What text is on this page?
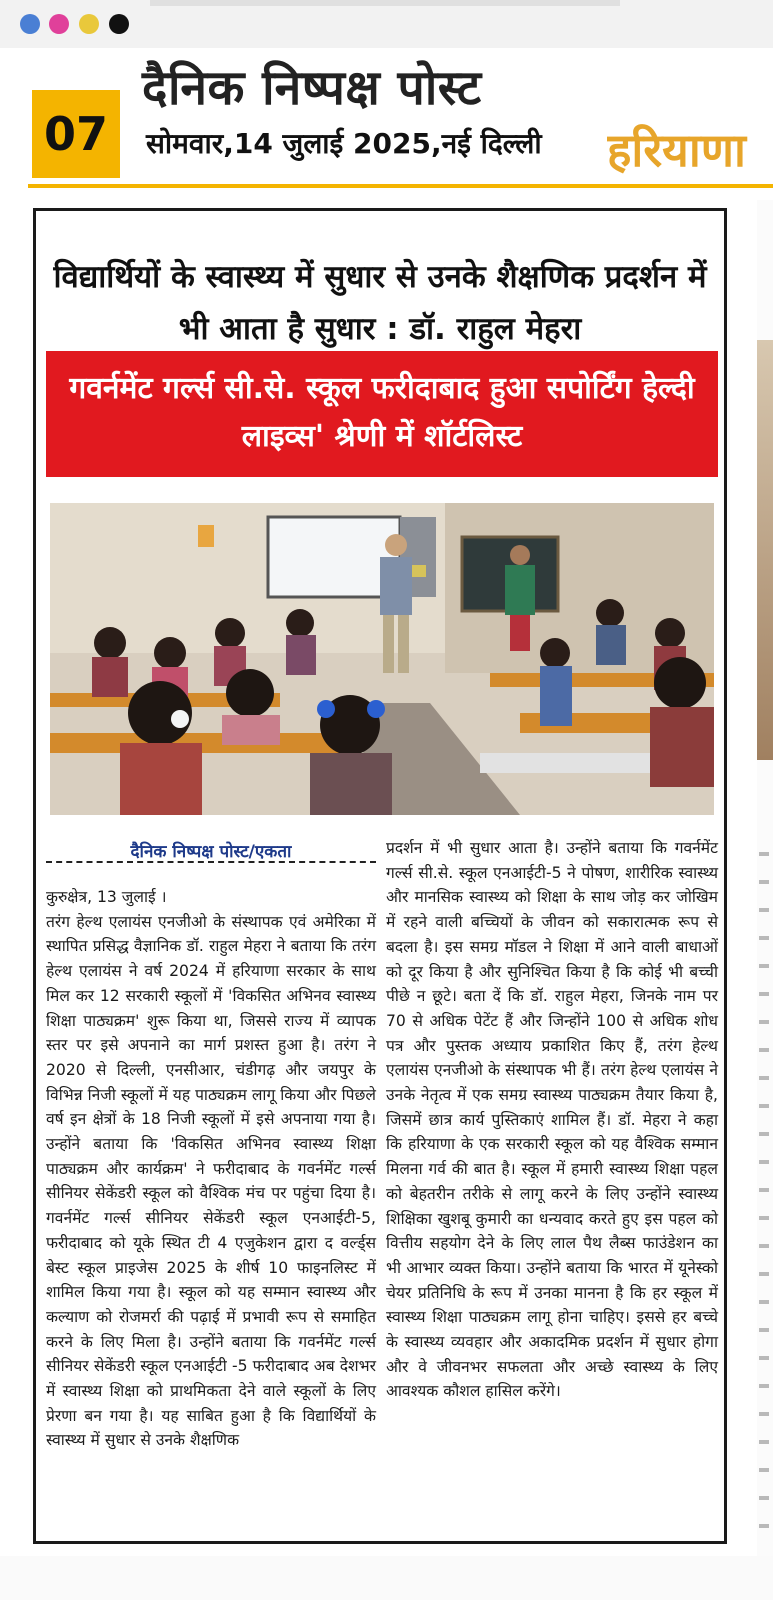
दैनिक निष्पक्ष पोस्ट
07	सोमवार,14 जुलाई 2025,नई दिल्ली हरियाणा
विद्यार्थियों के स्वास्थ्य में सुधार से उनके शैक्षणिक प्रदर्शन में भी आता है सुधार : डॉ. राहुल मेहरा
गवर्नमेंट गर्ल्स सी.से. स्कूल फरीदाबाद हुआ सपोर्टिंग हेल्दी लाइव्स' श्रेणी में शॉर्टलिस्ट
दैनिक निष्पक्ष पोस्ट/एकता
कुरुक्षेत्र, 13 जुलाई ।
तरंग हेल्थ एलायंस एनजीओ के संस्थापक एवं अमेरिका में स्थापित प्रसिद्ध वैज्ञानिक डॉ. राहुल मेहरा ने बताया कि तरंग हेल्थ एलायंस ने वर्ष 2024 में हरियाणा सरकार के साथ मिल कर 12 सरकारी स्कूलों में 'विकसित अभिनव स्वास्थ्य शिक्षा पाठ्यक्रम' शुरू किया था, जिससे राज्य में व्यापक स्तर पर इसे अपनाने का मार्ग प्रशस्त हुआ है। तरंग ने 2020 से दिल्ली, एनसीआर, चंडीगढ़ और जयपुर के विभिन्न निजी स्कूलों में यह पाठ्यक्रम लागू किया और पिछले वर्ष इन क्षेत्रों के 18 निजी स्कूलों में इसे अपनाया गया है। उन्होंने बताया कि 'विकसित अभिनव स्वास्थ्य शिक्षा पाठ्यक्रम और कार्यक्रम' ने फरीदाबाद के गवर्नमेंट गर्ल्स सीनियर सेकेंडरी स्कूल को वैश्विक मंच पर पहुंचा दिया है। गवर्नमेंट गर्ल्स सीनियर सेकेंडरी स्कूल एनआईटी-5, फरीदाबाद को यूके स्थित टी 4 एजुकेशन द्वारा द वर्ल्ड्स बेस्ट स्कूल प्राइजेस 2025 के शीर्ष 10 फाइनलिस्ट में शामिल किया गया है। स्कूल को यह सम्मान स्वास्थ्य और कल्याण को रोजमर्रा की पढ़ाई में प्रभावी रूप से समाहित करने के लिए मिला है। उन्होंने बताया कि गवर्नमेंट गर्ल्स सीनियर सेकेंडरी स्कूल एनआईटी -5 फरीदाबाद अब देशभर में स्वास्थ्य शिक्षा को प्राथमिकता देने वाले स्कूलों के लिए प्रेरणा बन गया है। यह साबित हुआ है कि विद्यार्थियों के स्वास्थ्य में सुधार से उनके शैक्षणिक
प्रदर्शन में भी सुधार आता है। उन्होंने बताया कि गवर्नमेंट गर्ल्स सी.से. स्कूल एनआईटी-5 ने पोषण, शारीरिक स्वास्थ्य और मानसिक स्वास्थ्य को शिक्षा के साथ जोड़ कर जोखिम में रहने वाली बच्चियों के जीवन को सकारात्मक रूप से बदला है। इस समग्र मॉडल ने शिक्षा में आने वाली बाधाओं को दूर किया है और सुनिश्चित किया है कि कोई भी बच्ची पीछे न छूटे। बता दें कि डॉ. राहुल मेहरा, जिनके नाम पर 70 से अधिक पेटेंट हैं और जिन्होंने 100 से अधिक शोध पत्र और पुस्तक अध्याय प्रकाशित किए हैं, तरंग हेल्थ एलायंस एनजीओ के संस्थापक भी हैं। तरंग हेल्थ एलायंस ने उनके नेतृत्व में एक समग्र स्वास्थ्य पाठ्यक्रम तैयार किया है, जिसमें छात्र कार्य पुस्तिकाएं शामिल हैं। डॉ. मेहरा ने कहा कि हरियाणा के एक सरकारी स्कूल को यह वैश्विक सम्मान मिलना गर्व की बात है। स्कूल में हमारी स्वास्थ्य शिक्षा पहल को बेहतरीन तरीके से लागू करने के लिए उन्होंने स्वास्थ्य शिक्षिका खुशबू कुमारी का धन्यवाद करते हुए इस पहल को वित्तीय सहयोग देने के लिए लाल पैथ लैब्स फाउंडेशन का भी आभार व्यक्त किया। उन्होंने बताया कि भारत में यूनेस्को चेयर प्रतिनिधि के रूप में उनका मानना है कि हर स्कूल में स्वास्थ्य शिक्षा पाठ्यक्रम लागू होना चाहिए। इससे हर बच्चे के स्वास्थ्य व्यवहार और अकादमिक प्रदर्शन में सुधार होगा और वे जीवनभर सफलता और अच्छे स्वास्थ्य के लिए आवश्यक कौशल हासिल करेंगे।
